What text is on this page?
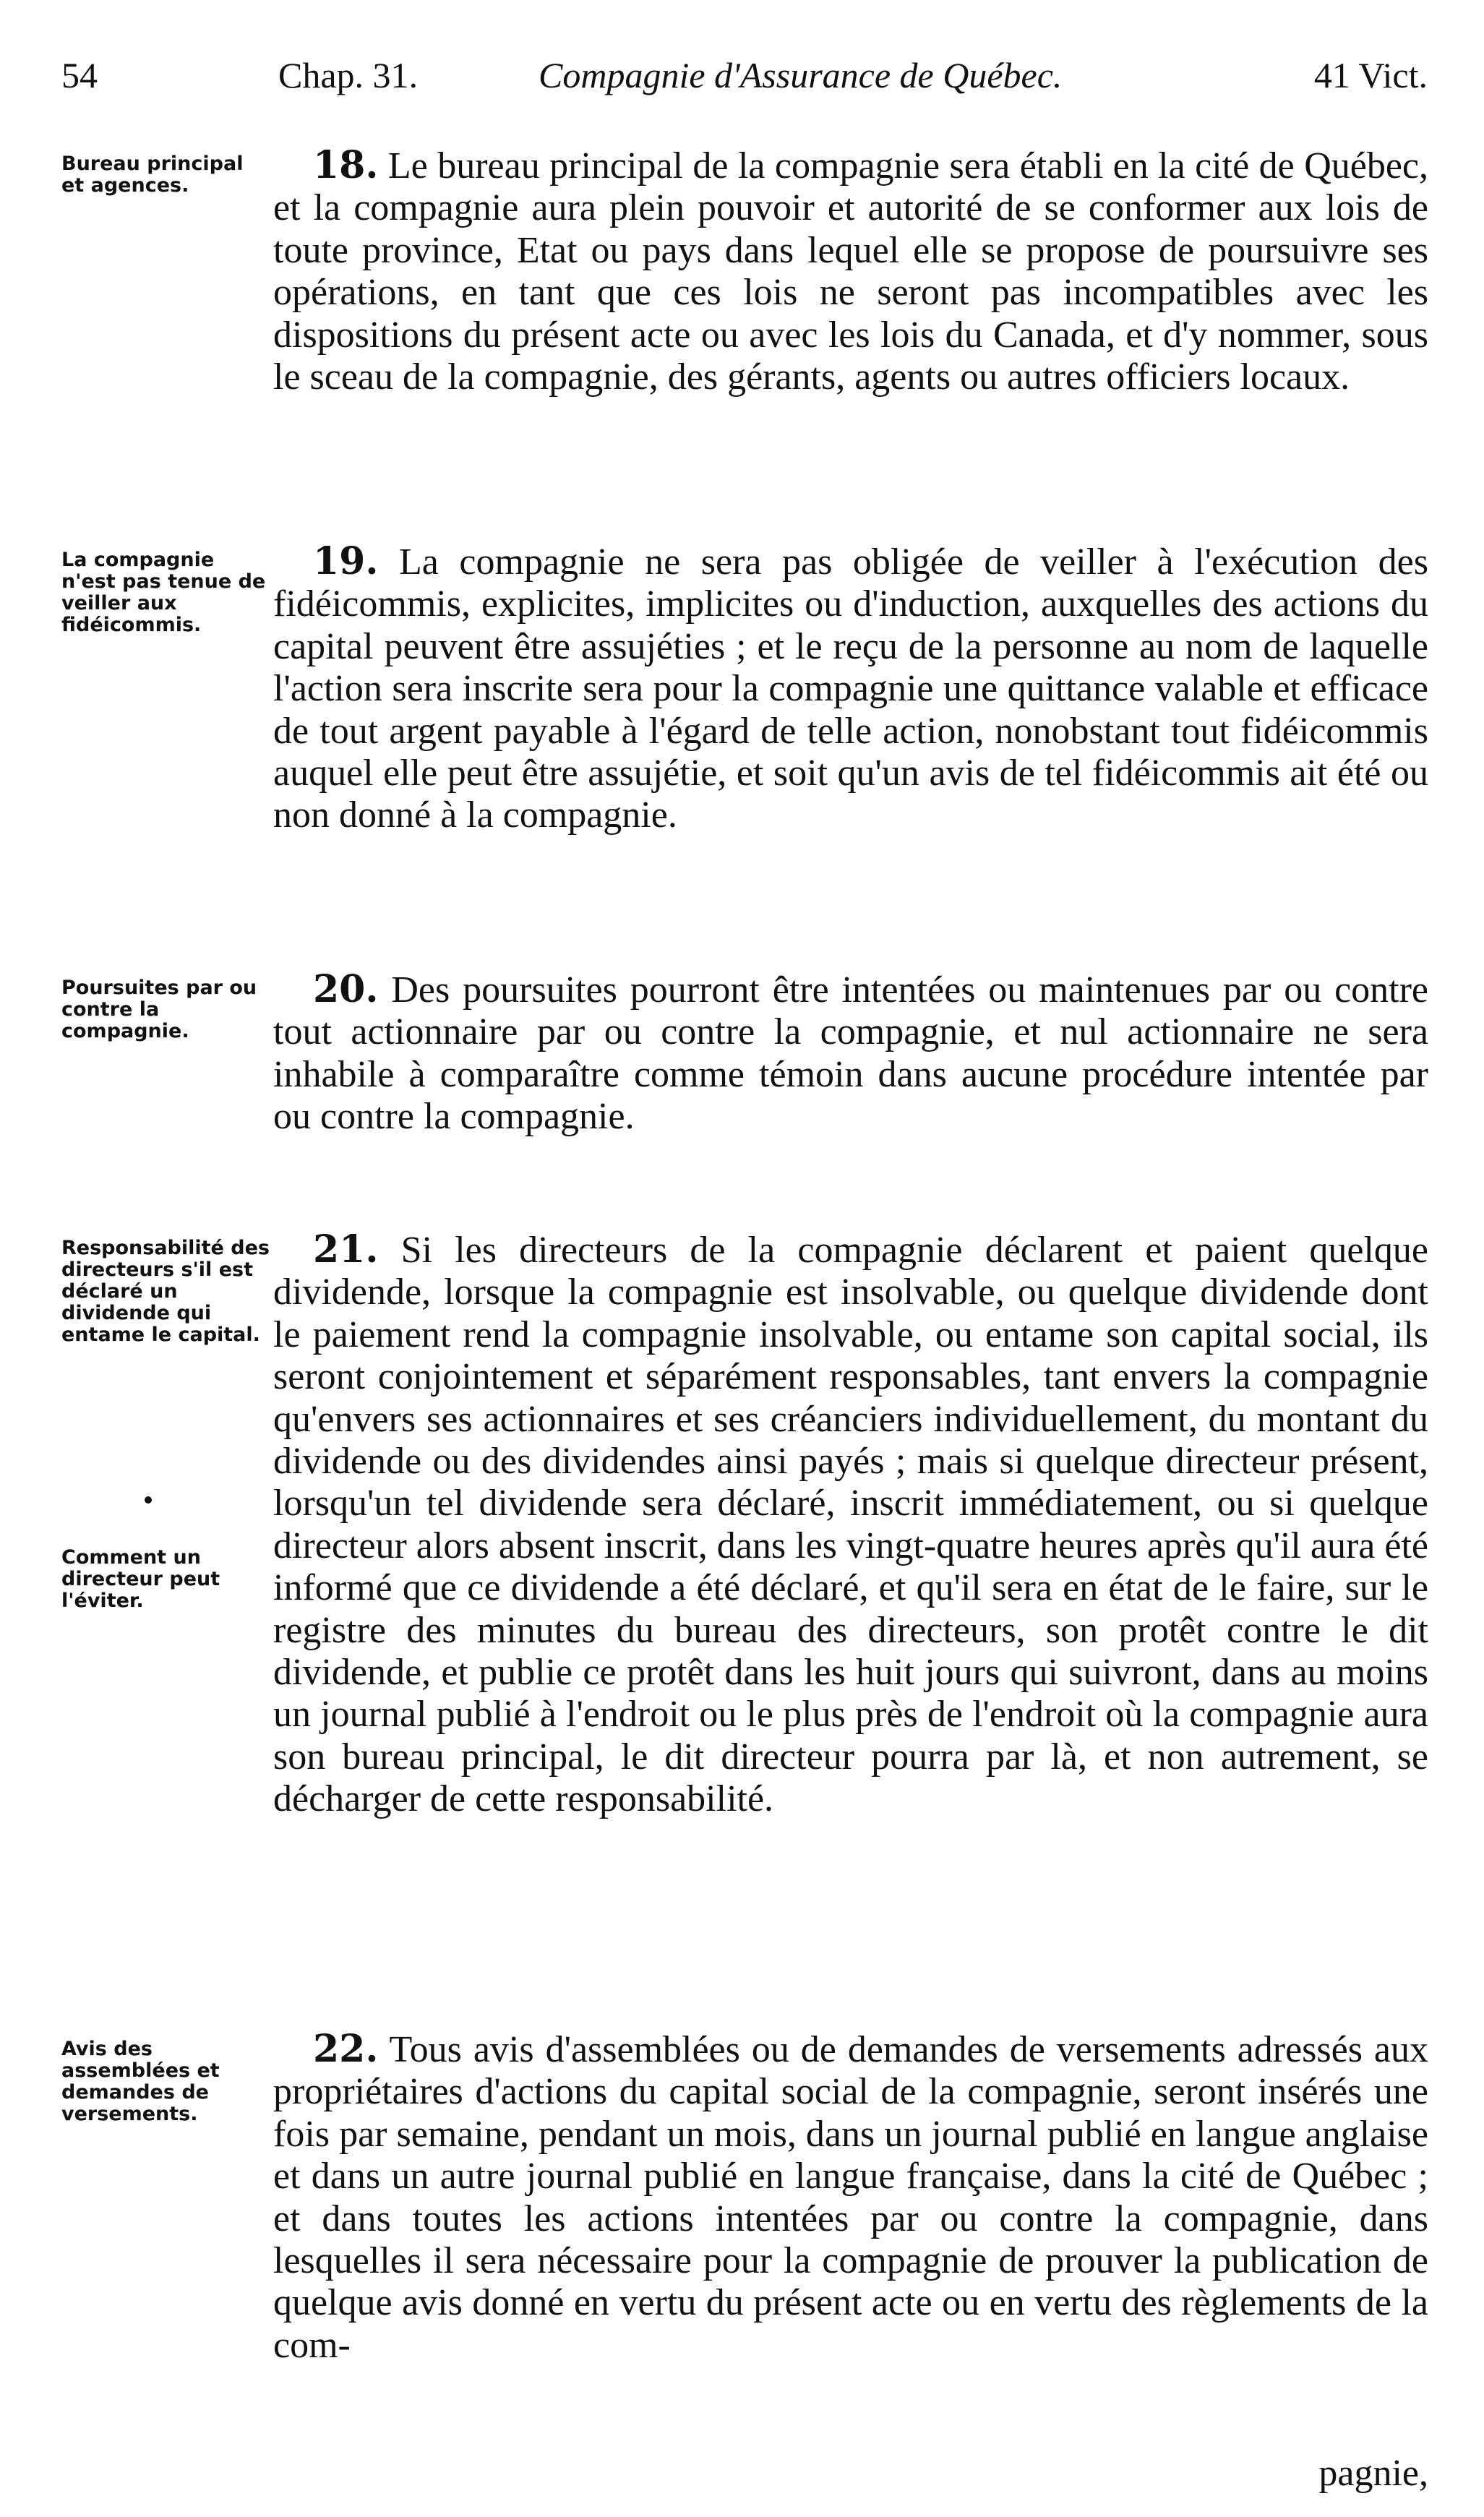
54	Chap. 31.	Compagnie d'Assurance de Québec.	41 Vict.
Bureau principal et agences.	18. Le bureau principal de la compagnie sera établi en la cité de Québec, et la compagnie aura plein pouvoir et autorité de se conformer aux lois de toute province, Etat ou pays dans lequel elle se propose de poursuivre ses opérations, en tant que ces lois ne seront pas incompatibles avec les dispositions du présent acte ou avec les lois du Canada, et d'y nommer, sous le sceau de la compagnie, des gérants, agents ou autres officiers locaux.
La compagnie n'est pas tenue de veiller aux fidéicommis.
19. La compagnie ne sera pas obligée de veiller à l'exécution des fidéicommis, explicites, implicites ou d'induction, auxquelles des actions du capital peuvent être assujéties ; et le reçu de la personne au nom de laquelle l'action sera inscrite sera pour la compagnie une quittance valable et efficace de tout argent payable à l'égard de telle action, nonobstant tout fidéicommis auquel elle peut être assujétie, et soit qu'un avis de tel fidéicommis ait été ou non donné à la compagnie.
Poursuites par ou contre la compagnie.
20. Des poursuites pourront être intentées ou maintenues par ou contre tout actionnaire par ou contre la compagnie, et nul actionnaire ne sera inhabile à comparaître comme témoin dans aucune procédure intentée par ou contre la compagnie.
Responsabilité des directeurs s'il est déclaré un dividende qui entame le capital.
Comment un directeur peut l'éviter.
21. Si les directeurs de la compagnie déclarent et paient quelque dividende, lorsque la compagnie est insolvable, ou quelque dividende dont le paiement rend la compagnie insolvable, ou entame son capital social, ils seront conjointement et séparément responsables, tant envers la compagnie qu'envers ses actionnaires et ses créanciers individuellement, du montant du dividende ou des dividendes ainsi payés ; mais si quelque directeur présent, lorsqu'un tel dividende sera déclaré, inscrit immédiatement, ou si quelque directeur alors absent inscrit, dans les vingt-quatre heures après qu'il aura été informé que ce dividende a été déclaré, et qu'il sera en état de le faire, sur le registre des minutes du bureau des directeurs, son protêt contre le dit dividende, et publie ce protêt dans les huit jours qui suivront, dans au moins un journal publié à l'endroit ou le plus près de l'endroit où la compagnie aura son bureau principal, le dit directeur pourra par là, et non autrement, se décharger de cette responsabilité.
Avis des assemblées et demandes de versements.
22. Tous avis d'assemblées ou de demandes de versements adressés aux propriétaires d'actions du capital social de la compagnie, seront insérés une fois par semaine, pendant un mois, dans un journal publié en langue anglaise et dans un autre journal publié en langue française, dans la cité de Québec ; et dans toutes les actions intentées par ou contre la compagnie, dans lesquelles il sera nécessaire pour la compagnie de prouver la publication de quelque avis donné en vertu du présent acte ou en vertu des règlements de la com-
pagnie,
